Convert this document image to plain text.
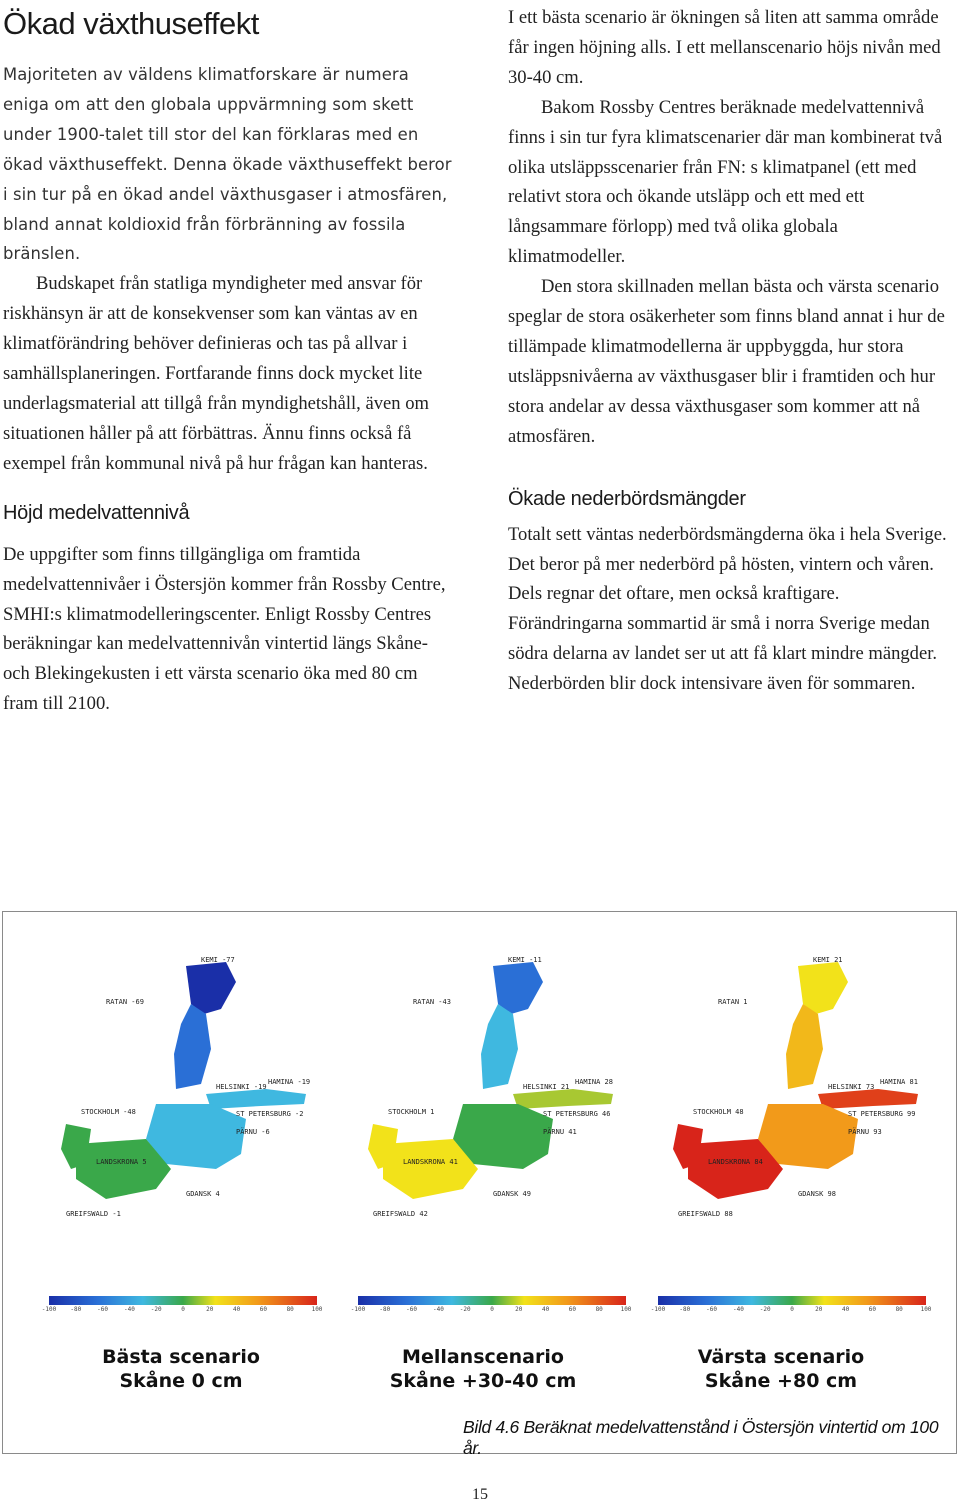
Ökad växthuseffekt

Majoriteten av väldens klimatforskare är numera eniga om att den globala uppvärmning som skett under 1900-talet till stor del kan förklaras med en ökad växthuseffekt. Denna ökade växthuseffekt beror i sin tur på en ökad andel växthusgaser i atmosfären, bland annat koldioxid från förbränning av fossila bränslen.

Budskapet från statliga myndigheter med ansvar för riskhänsyn är att de konsekvenser som kan väntas av en klimatförändring behöver definieras och tas på allvar i samhällsplaneringen. Fortfarande finns dock mycket lite underlagsmaterial att tillgå från myndighetshåll, även om situationen håller på att förbättras. Ännu finns också få exempel från kommunal nivå på hur frågan kan hanteras.

Höjd medelvattennivå

De uppgifter som finns tillgängliga om framtida medelvattennivåer i Östersjön kommer från Rossby Centre, SMHI:s klimatmodelleringscenter. Enligt Rossby Centres beräkningar kan medelvattennivån vintertid längs Skåne- och Blekingekusten i ett värsta scenario öka med 80 cm fram till 2100.

I ett bästa scenario är ökningen så liten att samma område får ingen höjning alls. I ett mellanscenario höjs nivån med 30-40 cm.

Bakom Rossby Centres beräknade medelvattennivå finns i sin tur fyra klimatscenarier där man kombinerat två olika utsläppsscenarier från FN: s klimatpanel (ett med relativt stora och ökande utsläpp och ett med ett långsammare förlopp) med två olika globala klimatmodeller.

Den stora skillnaden mellan bästa och värsta scenario speglar de stora osäkerheter som finns bland annat i hur de tillämpade klimatmodellerna är uppbyggda, hur stora utsläppsnivåerna av växthusgaser blir i framtiden och hur stora andelar av dessa växthusgaser som kommer att nå atmosfären.

Ökade nederbördsmängder

Totalt sett väntas nederbördsmängderna öka i hela Sverige. Det beror på mer nederbörd på hösten, vintern och våren. Dels regnar det oftare, men också kraftigare. Förändringarna sommartid är små i norra Sverige medan södra delarna av landet ser ut att få klart mindre mängder. Nederbörden blir dock intensivare även för sommaren.

KEMI -77
RATAN -69
HELSINKI -19
HAMINA -19
STOCKHOLM -48	ST PETERSBURG -2
PÄRNU -6
LANDSKRONA 5
GDANSK 4
GREIFSWALD -1
KEMI -11
RATAN -43
HELSINKI 21
HAMINA 28
STOCKHOLM 1	ST PETERSBURG 46
PÄRNU 41
LANDSKRONA 41
GDANSK 49
GREIFSWALD 42
KEMI 21
RATAN 1
HELSINKI 73
HAMINA 81
STOCKHOLM 48	ST PETERSBURG 99
PÄRNU 93
LANDSKRONA 84
GDANSK 98
GREIFSWALD 88
-100 -80	-60	-40	-20	0	20	40	60	80	100	-100 -80	-60	-40	-20	0	20	40	60	80	100	-100 -80	-60	-40	-20	0	20	40	60	80	100
Bästa scenario
Skåne 0 cm
Mellanscenario
Skåne +30-40 cm
Värsta scenario
Skåne +80 cm
Bild 4.6 Beräknat medelvattenstånd i Östersjön vintertid om 100 år.
15
